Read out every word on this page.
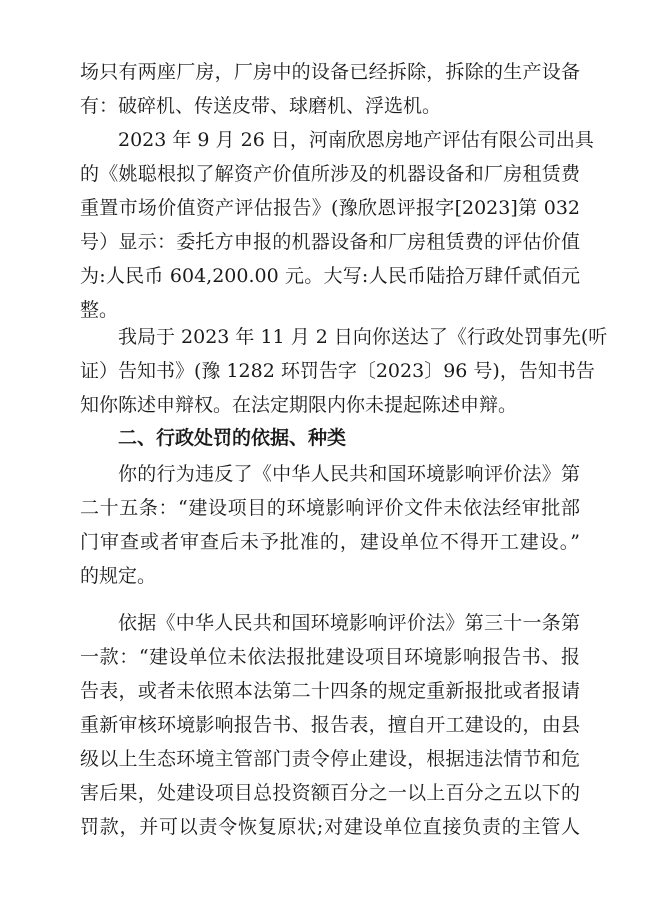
场只有两座厂房，厂房中的设备已经拆除，拆除的生产设备
有：破碎机、传送皮带、球磨机、浮选机。
2023 年 9 月 26 日，河南欣恩房地产评估有限公司出具
的《姚聪根拟了解资产价值所涉及的机器设备和厂房租赁费
重置市场价值资产评估报告》(豫欣恩评报字[2023]第 032
号）显示：委托方申报的机器设备和厂房租赁费的评估价值
为:人民币 604,200.00 元。大写:人民币陆拾万肆仟贰佰元
整。
我局于 2023 年 11 月 2 日向你送达了《行政处罚事先(听
证）告知书》(豫 1282 环罚告字〔2023〕96 号)，告知书告
知你陈述申辩权。在法定期限内你未提起陈述申辩。
二、行政处罚的依据、种类
你的行为违反了《中华人民共和国环境影响评价法》第
二十五条：“建设项目的环境影响评价文件未依法经审批部
门审查或者审查后未予批准的，建设单位不得开工建设。”
的规定。
依据《中华人民共和国环境影响评价法》第三十一条第
一款：“建设单位未依法报批建设项目环境影响报告书、报
告表，或者未依照本法第二十四条的规定重新报批或者报请
重新审核环境影响报告书、报告表，擅自开工建设的，由县
级以上生态环境主管部门责令停止建设，根据违法情节和危
害后果，处建设项目总投资额百分之一以上百分之五以下的
罚款，并可以责令恢复原状;对建设单位直接负责的主管人
